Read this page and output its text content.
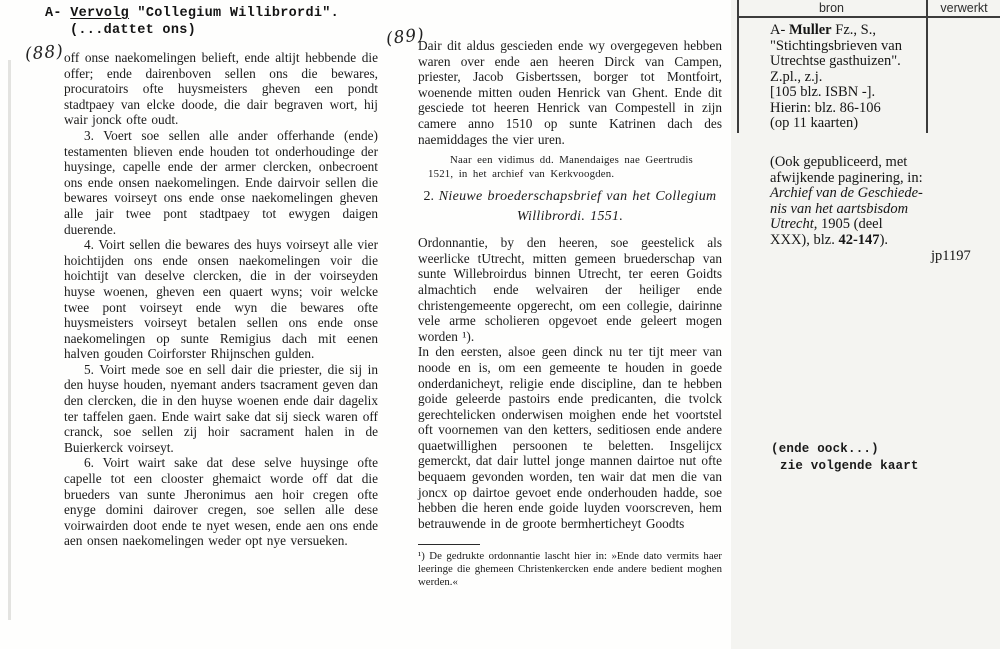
A- Vervolg "Collegium Willibrordi".
(...dattet ons)
(88)
(89)

off onse naekomelingen belieft, ende altijt hebbende die offer; ende dairenboven sellen ons die bewares, procuratoirs ofte huysmeisters gheven een pondt stadtpaey van elcke doode, die dair begraven wort, hij wair jonck ofte oudt.

3. Voert soe sellen alle ander offerhande (ende) testamenten blieven ende houden tot onderhoudinge der huysinge, capelle ende der armer clercken, onbecroent ons ende onsen naekomelingen. Ende dairvoir sellen die bewares voirseyt ons ende onse naekomelingen gheven alle jair twee pont stadtpaey tot ewygen daigen duerende.

4. Voirt sellen die bewares des huys voirseyt alle vier hoichtijden ons ende onsen naekomelingen voir die hoichtijt van deselve clercken, die in der voirseyden huyse woenen, gheven een quaert wyns; voir welcke twee pont voirseyt ende wyn die bewares ofte huysmeisters voirseyt betalen sellen ons ende onse naekomelingen op sunte Remigius dach mit eenen halven gouden Coirforster Rhijnschen gulden.

5. Voirt mede soe en sell dair die priester, die sij in den huyse houden, nyemant anders tsacrament geven dan den clercken, die in den huyse woenen ende dair dagelix ter taffelen gaen. Ende wairt sake dat sij sieck waren off cranck, soe sellen zij hoir sacrament halen in de Buierkerck voirseyt.

6. Voirt wairt sake dat dese selve huysinge ofte capelle tot een clooster ghemaict worde off dat die brueders van sunte Jheronimus aen hoir cregen ofte enyge domini dairover cregen, soe sellen alle dese voirwairden doot ende te nyet wesen, ende aen ons ende aen onsen naekomelingen weder opt nye versueken.

Dair dit aldus gescieden ende wy overgegeven hebben waren over ende aen heeren Dirck van Campen, priester, Jacob Gisbertssen, borger tot Montfoirt, woenende mitten ouden Henrick van Ghent. Ende dit gesciede tot heeren Henrick van Compestell in zijn camere anno 1510 op sunte Katrinen dach des naemiddages the vier uren.

Naar een vidimus dd. Manendaiges nae Geertrudis 1521, in het archief van Kerkvoogden.
2. Nieuwe broederschapsbrief van het Collegium Willibrordi. 1551.

Ordonnantie, by den heeren, soe geestelick als weerlicke tUtrecht, mitten gemeen bruederschap van sunte Willebroirdus binnen Utrecht, ter eeren Goidts almachtich ende welvairen der heiliger ende christengemeente opgerecht, om een collegie, dairinne vele arme scholieren opgevoet ende geleert mogen worden ¹).

In den eersten, alsoe geen dinck nu ter tijt meer van noode en is, om een gemeente te houden in goede onderdanicheyt, religie ende discipline, dan te hebben goide geleerde pastoirs ende predicanten, die tvolck gerechtelicken onderwisen moighen ende het voortstel oft voornemen van den ketters, seditiosen ende andere quaetwillighen persoonen te beletten. Insgelijcx gemerckt, dat dair luttel jonge mannen dairtoe nut ofte bequaem gevonden worden, ten wair dat men die van joncx op dairtoe gevoet ende onderhouden hadde, soe hebben die heren ende goide luyden voorscreven, hem betrauwende in de groote bermherticheyt Goodts

¹) De gedrukte ordonnantie lascht hier in: »Ende dato vermits haer leeringe die ghemeen Christenkercken ende andere bedient moghen werden.«
bron	verwerkt
A- Muller Fz., S.,
"Stichtingsbrieven van
Utrechtse gasthuizen".
Z.pl., z.j.
[105 blz. ISBN -].
Hierin: blz. 86-106
(op 11 kaarten)
(Ook gepubliceerd, met
afwijkende paginering, in:
Archief van de Geschiede-
nis van het aartsbisdom
Utrecht, 1905 (deel
XXX), blz. 42-147).
jp1197
(ende oock...)
zie volgende kaart
